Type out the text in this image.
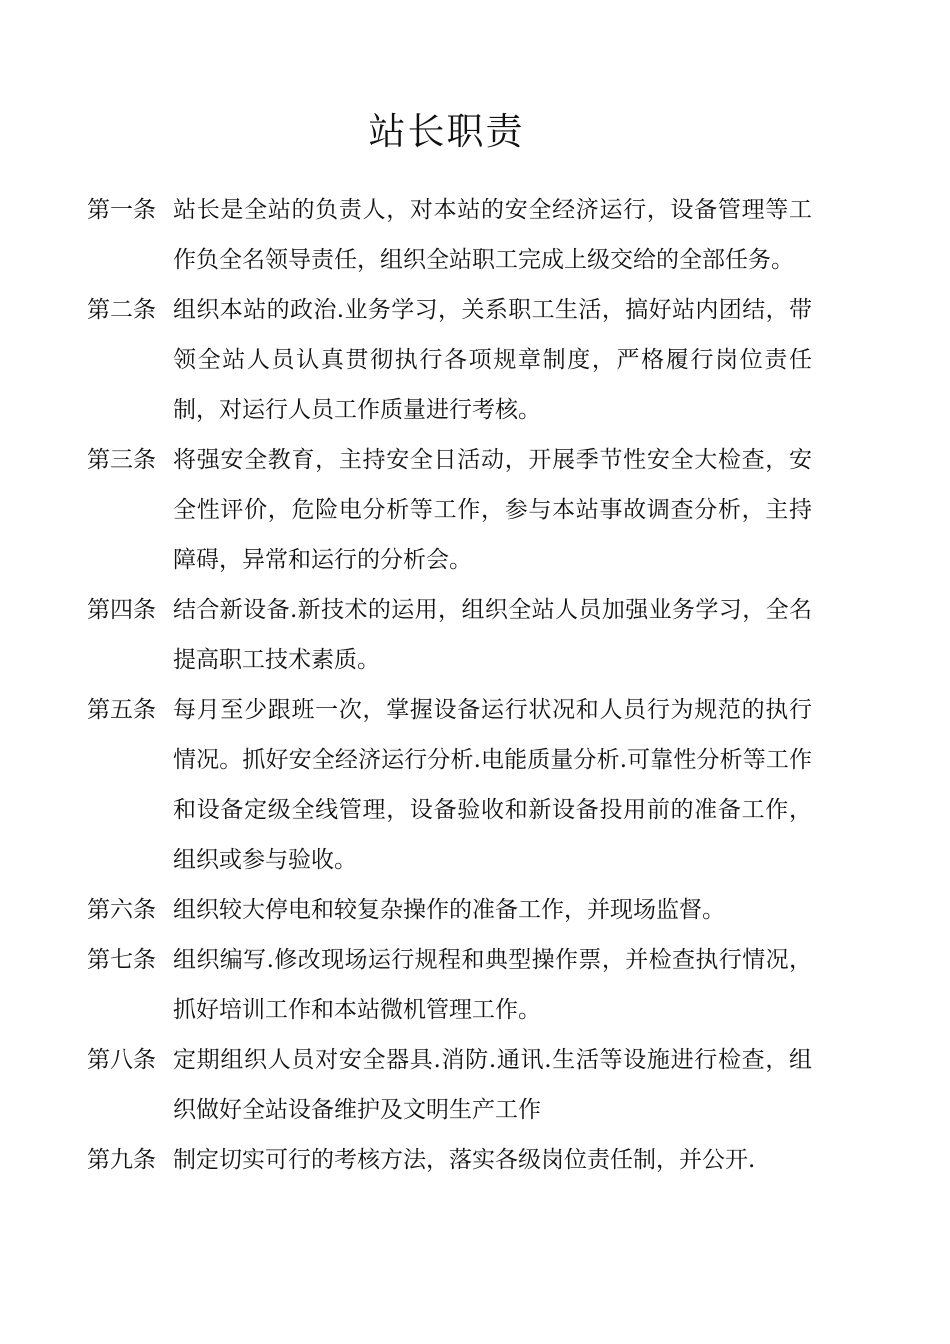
站长职责
第一条 站长是全站的负责人，对本站的安全经济运行，设备管理等工作负全名领导责任，组织全站职工完成上级交给的全部任务。
第二条 组织本站的政治.业务学习，关系职工生活，搞好站内团结，带领全站人员认真贯彻执行各项规章制度，严格履行岗位责任制，对运行人员工作质量进行考核。
第三条 将强安全教育，主持安全日活动，开展季节性安全大检查，安全性评价，危险电分析等工作，参与本站事故调查分析，主持障碍，异常和运行的分析会。
第四条 结合新设备.新技术的运用，组织全站人员加强业务学习，全名提高职工技术素质。
第五条 每月至少跟班一次，掌握设备运行状况和人员行为规范的执行情况。抓好安全经济运行分析.电能质量分析.可靠性分析等工作和设备定级全线管理，设备验收和新设备投用前的准备工作，组织或参与验收。
第六条 组织较大停电和较复杂操作的准备工作，并现场监督。
第七条 组织编写.修改现场运行规程和典型操作票，并检查执行情况，抓好培训工作和本站微机管理工作。
第八条 定期组织人员对安全器具.消防.通讯.生活等设施进行检查，组织做好全站设备维护及文明生产工作
第九条 制定切实可行的考核方法，落实各级岗位责任制，并公开.
